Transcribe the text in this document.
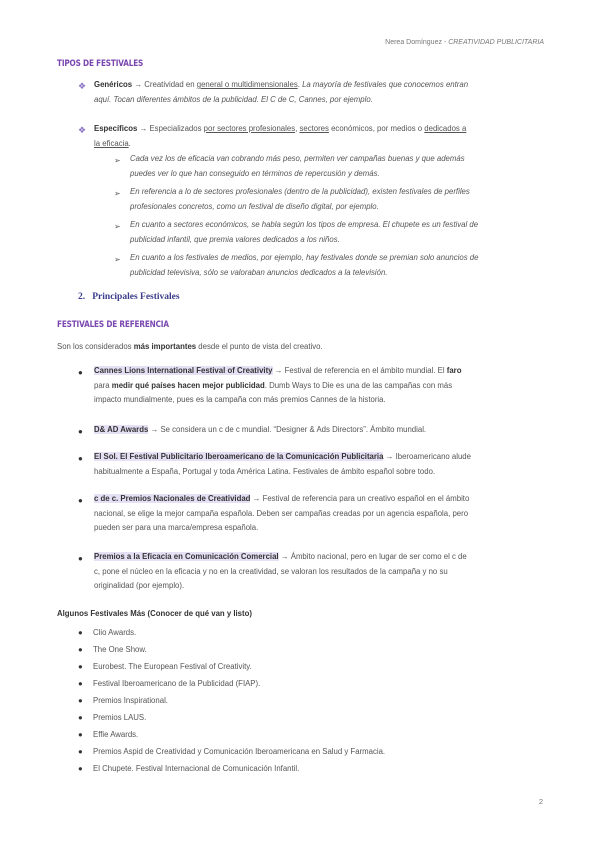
Nerea Domínguez - CREATIVIDAD PUBLICITARIA
TIPOS DE FESTIVALES
❖ Genéricos → Creatividad en general o multidimensionales. La mayoría de festivales que conocemos entran
aquí. Tocan diferentes ámbitos de la publicidad. El C de C, Cannes, por ejemplo.
❖ Específicos → Especializados por sectores profesionales, sectores económicos, por medios o dedicados a
la eficacia.
➢ Cada vez los de eficacia van cobrando más peso, permiten ver campañas buenas y que además
puedes ver lo que han conseguido en términos de repercusión y demás.
➢ En referencia a lo de sectores profesionales (dentro de la publicidad), existen festivales de perfiles
profesionales concretos, como un festival de diseño digital, por ejemplo.
➢ En cuanto a sectores económicos, se habla según los tipos de empresa. El chupete es un festival de
publicidad infantil, que premia valores dedicados a los niños.
➢ En cuanto a los festivales de medios, por ejemplo, hay festivales donde se premian solo anuncios de
publicidad televisiva, sólo se valoraban anuncios dedicados a la televisión.
2. Principales Festivales
FESTIVALES DE REFERENCIA
Son los considerados más importantes desde el punto de vista del creativo.
● Cannes Lions International Festival of Creativity → Festival de referencia en el ámbito mundial. El faro
para medir qué países hacen mejor publicidad. Dumb Ways to Die es una de las campañas con más
impacto mundialmente, pues es la campaña con más premios Cannes de la historia.
● D& AD Awards → Se considera un c de c mundial. “Designer & Ads Directors”. Ámbito mundial.
● El Sol. El Festival Publicitario Iberoamericano de la Comunicación Publicitaria → Iberoamericano alude
habitualmente a España, Portugal y toda América Latina. Festivales de ámbito español sobre todo.
● c de c. Premios Nacionales de Creatividad → Festival de referencia para un creativo español en el ámbito
nacional, se elige la mejor campaña española. Deben ser campañas creadas por un agencia española, pero
pueden ser para una marca/empresa española.
● Premios a la Eficacia en Comunicación Comercial → Ámbito nacional, pero en lugar de ser como el c de
c, pone el núcleo en la eficacia y no en la creatividad, se valoran los resultados de la campaña y no su
originalidad (por ejemplo).
Algunos Festivales Más (Conocer de qué van y listo)
● Clio Awards.
● The One Show.
● Eurobest. The European Festival of Creativity.
● Festival Iberoamericano de la Publicidad (FIAP).
● Premios Inspirational.
● Premios LAUS.
● Effie Awards.
● Premios Aspid de Creatividad y Comunicación Iberoamericana en Salud y Farmacia.
● El Chupete. Festival Internacional de Comunicación Infantil.
2
